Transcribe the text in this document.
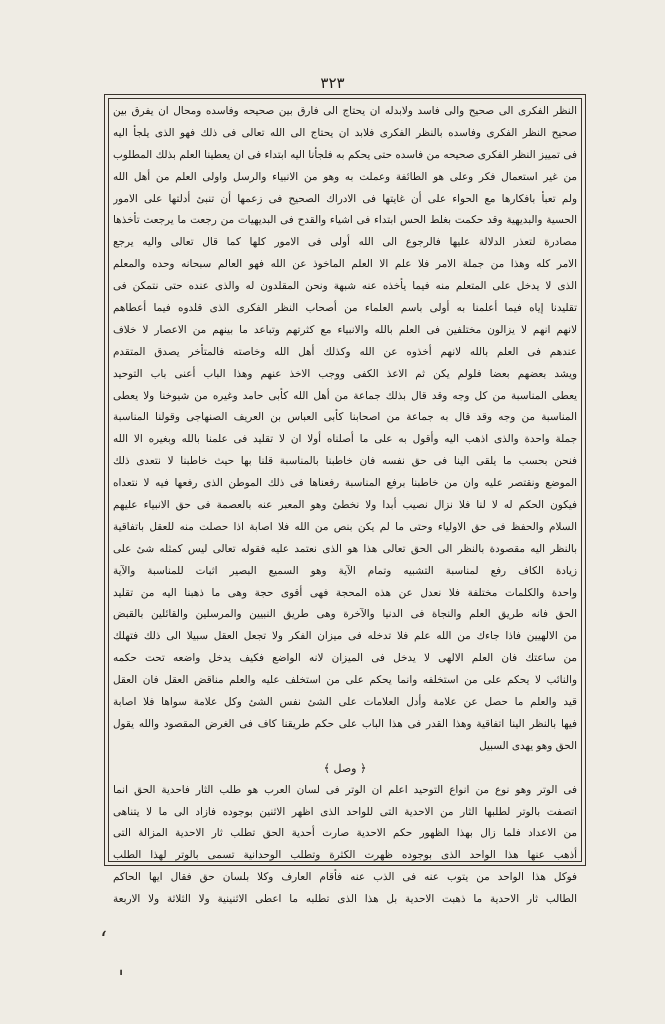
٣٢٣
النظر الفكرى الى صحيح والى فاسد ولابدله ان يحتاج الى فارق بين صحيحه وفاسده ومحال ان يفرق بين
صحيح النظر الفكرى وفاسده بالنظر الفكرى فلابد ان يحتاج الى الله تعالى فى ذلك فهو الذى يلجأ اليه
فى تمييز النظر الفكرى صحيحه من فاسده حتى يحكم به فلجأنا اليه ابتداء فى ان يعطينا العلم بذلك المطلوب
من غير استعمال فكر وعلى هو الطائفة وعملت به وهو من الانبياء والرسل واولى العلم من أهل الله
ولم تعبأ بافكارها مع الحواء على أن غايتها فى الادراك الصحيح فى زعمها أن تنبئ أدلتها على الامور
الحسية والبديهية وقد حكمت بغلط الحس ابتداء فى اشياء والقدح فى البديهيات من رجعت ما يرجعت تأخذها
مصادرة لتعذر الدلالة عليها فالرجوع الى الله أولى فى الامور كلها كما قال تعالى واليه يرجع
الامر كله وهذا من جملة الامر فلا علم الا العلم الماخوذ عن الله فهو العالم سبحانه وحده والمعلم
الذى لا يدخل على المتعلم منه فيما يأخذه عنه شبهة ونحن المقلدون له والذى عنده حتى نتمكن فى
تقليدنا إياه فيما أعلمنا به أولى باسم العلماء من أصحاب النظر الفكرى الذى قلدوه فيما أعطاهم
لانهم انهم لا يزالون مختلفين فى العلم بالله والانبياء مع كثرتهم وتباعد ما بينهم من الاعصار لا خلاف
عندهم فى العلم بالله لانهم أخذوه عن الله وكذلك أهل الله وخاصته فالمتأخر يصدق المتقدم
ويشد بعضهم بعضا فلولم يكن ثم الاعذ الكفى ووجب الاخذ عنهم وهذا الباب أعنى باب التوحيد
يعطى المناسبة من كل وجه وقد قال بذلك جماعة من أهل الله كأبى حامد وغيره من شيوخنا ولا يعطى
المناسبة من وجه وقد قال به جماعة من اصحابنا كأبى العباس بن العريف الصنهاجى وقولنا المناسبة
جملة واحدة والذى اذهب اليه وأقول به على ما أصلناه أولا ان لا تقليد فى علمنا بالله وبغيره الا الله
فنحن بحسب ما يلقى الينا فى حق نفسه فان خاطبنا بالمناسبة قلنا بها حيث خاطبنا لا نتعدى ذلك
الموضع ونقتصر عليه وان من خاطبنا برفع المناسبة رفعناها فى ذلك الموطن الذى رفعها فيه لا نتعداه
فيكون الحكم له لا لنا فلا نزال نصيب أبدا ولا نخطئ وهو المعبر عنه بالعصمة فى حق الانبياء عليهم
السلام والحفظ فى حق الاولياء وحتى ما لم يكن بنص من الله فلا اصابة اذا حصلت منه للعقل باتفاقية
بالنظر اليه مقصودة بالنظر الى الحق تعالى هذا هو الذى نعتمد عليه فقوله تعالى ليس كمثله شئ على
زيادة الكاف رفع لمناسبة التشبيه وتمام الآية وهو السميع البصير اثبات للمناسبة والآية
واحدة والكلمات مختلفة فلا نعدل عن هذه المحجة فهى أقوى حجة وهى ما ذهبنا اليه من تقليد
الحق فانه طريق العلم والنجاة فى الدنيا والآخرة وهى طريق النبيين والمرسلين والقائلين بالقبض
من الالهيين فاذا جاءك من الله علم فلا تدخله فى ميزان الفكر ولا تجعل العقل سبيلا الى ذلك فتهلك
من ساعتك فان العلم الالهى لا يدخل فى الميزان لانه الواضع فكيف يدخل واضعه تحت حكمه
والنائب لا يحكم على من استخلفه وانما يحكم على من استخلف عليه والعلم مناقض العقل فان العقل
قيد والعلم ما حصل عن علامة وأدل العلامات على الشئ نفس الشئ وكل علامة سواها فلا اصابة
فيها بالنظر الينا اتفاقية وهذا القدر فى هذا الباب على حكم طريقنا كاف فى الغرض المقصود والله يقول
الحق وهو يهدى السبيل
﴿ وصل ﴾
فى الوتر وهو نوع من انواع التوحيد اعلم ان الوتر فى لسان العرب هو طلب الثار فاحدية الحق انما
اتصفت بالوتر لطلبها الثار من الاحدية التى للواحد الذى اظهر الاثنين بوجوده فازاد الى ما لا يتناهى
من الاعداد فلما زال بهذا الظهور حكم الاحدية صارت أحدية الحق تطلب ثار الاحدية المزالة التى
أذهب عنها هذا الواحد الذى بوجوده ظهرت الكثرة وتطلب الوحدانية تسمى بالوتر لهذا الطلب
فوكل هذا الواحد من يتوب عنه فى الذب عنه فأقام العارف وكلا بلسان حق فقال ايها الحاكم
الطالب ثار الاحدية ما ذهبت الاحدية بل هذا الذى تطلبه ما اعطى الاثنينية ولا الثلاثة ولا الاربعة
ʻ
ˈ
